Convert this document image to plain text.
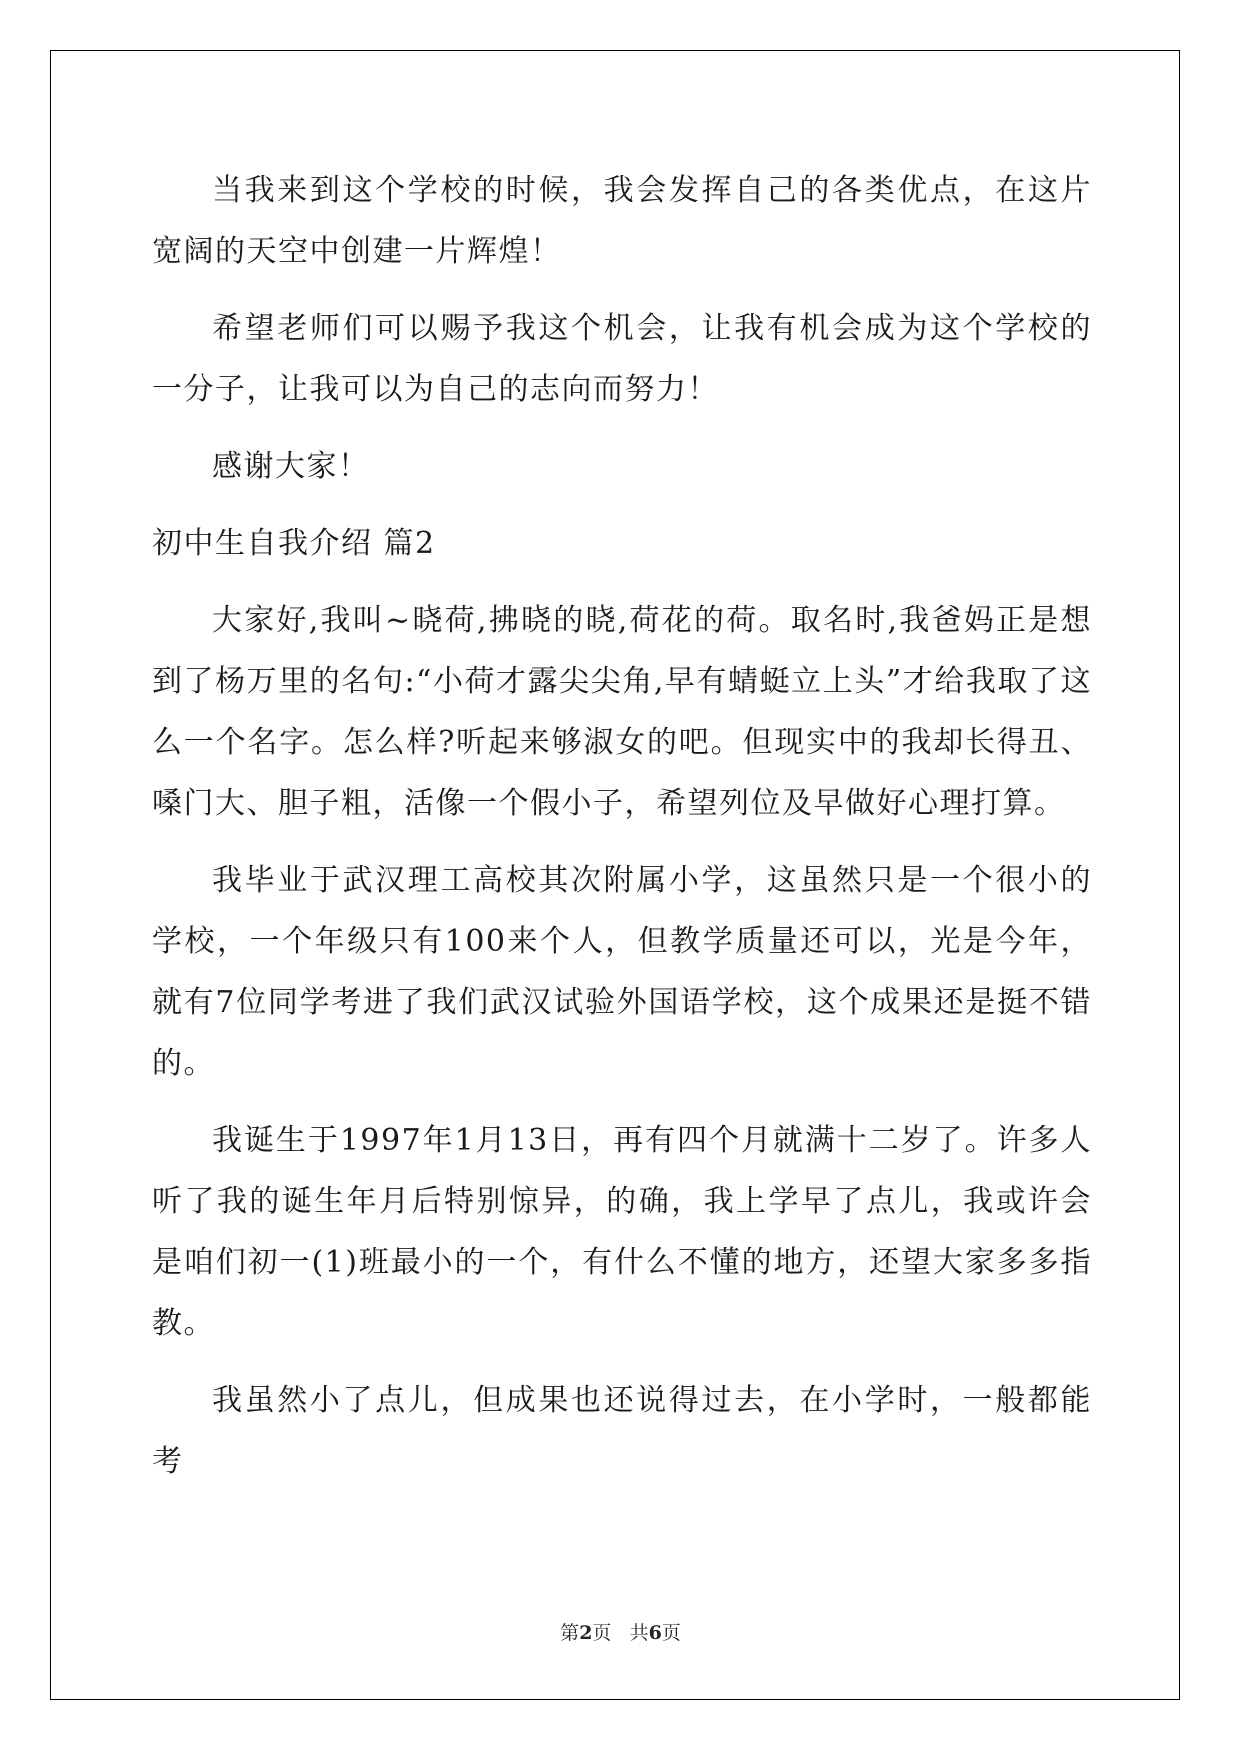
当我来到这个学校的时候，我会发挥自己的各类优点，在这片宽阔的天空中创建一片辉煌！

希望老师们可以赐予我这个机会，让我有机会成为这个学校的一分子，让我可以为自己的志向而努力！

感谢大家！

初中生自我介绍 篇2

大家好,我叫~晓荷,拂晓的晓,荷花的荷。取名时,我爸妈正是想到了杨万里的名句:“小荷才露尖尖角,早有蜻蜓立上头”才给我取了这么一个名字。怎么样?听起来够淑女的吧。但现实中的我却长得丑、嗓门大、胆子粗，活像一个假小子，希望列位及早做好心理打算。

我毕业于武汉理工高校其次附属小学，这虽然只是一个很小的学校，一个年级只有100来个人，但教学质量还可以，光是今年，就有7位同学考进了我们武汉试验外国语学校，这个成果还是挺不错的。

我诞生于1997年1月13日，再有四个月就满十二岁了。许多人听了我的诞生年月后特别惊异，的确，我上学早了点儿，我或许会是咱们初一(1)班最小的一个，有什么不懂的地方，还望大家多多指教。

我虽然小了点儿，但成果也还说得过去，在小学时，一般都能考

第2页 共6页
